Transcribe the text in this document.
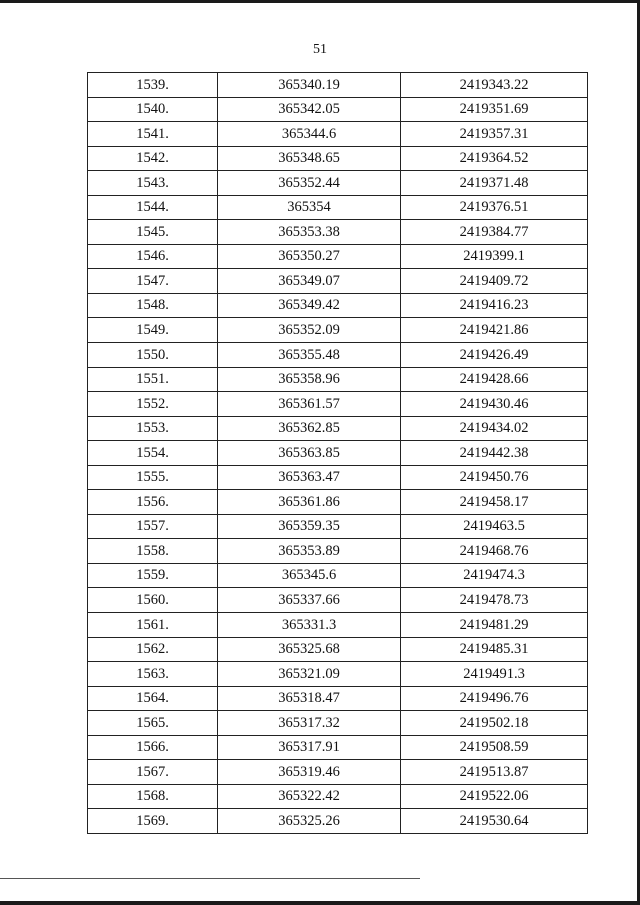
51
1539.	365340.19	2419343.22
1540.	365342.05	2419351.69
1541.	365344.6	2419357.31
1542.	365348.65	2419364.52
1543.	365352.44	2419371.48
1544.	365354	2419376.51
1545.	365353.38	2419384.77
1546.	365350.27	2419399.1
1547.	365349.07	2419409.72
1548.	365349.42	2419416.23
1549.	365352.09	2419421.86
1550.	365355.48	2419426.49
1551.	365358.96	2419428.66
1552.	365361.57	2419430.46
1553.	365362.85	2419434.02
1554.	365363.85	2419442.38
1555.	365363.47	2419450.76
1556.	365361.86	2419458.17
1557.	365359.35	2419463.5
1558.	365353.89	2419468.76
1559.	365345.6	2419474.3
1560.	365337.66	2419478.73
1561.	365331.3	2419481.29
1562.	365325.68	2419485.31
1563.	365321.09	2419491.3
1564.	365318.47	2419496.76
1565.	365317.32	2419502.18
1566.	365317.91	2419508.59
1567.	365319.46	2419513.87
1568.	365322.42	2419522.06
1569.	365325.26	2419530.64
